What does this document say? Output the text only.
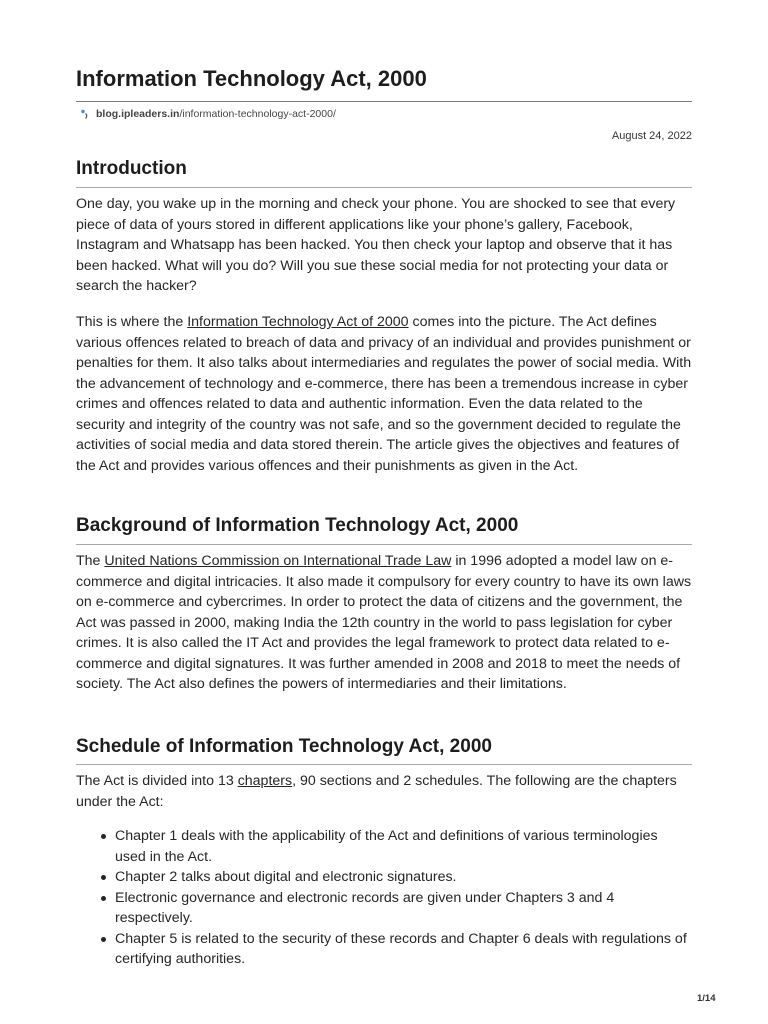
Information Technology Act, 2000
blog.ipleaders.in /information-technology-act-2000/
August 24, 2022
Introduction

One day, you wake up in the morning and check your phone. You are shocked to see that every piece of data of yours stored in different applications like your phone’s gallery, Facebook, Instagram and Whatsapp has been hacked. You then check your laptop and observe that it has been hacked. What will you do? Will you sue these social media for not protecting your data or search the hacker?

This is where the Information Technology Act of 2000 comes into the picture. The Act defines various offences related to breach of data and privacy of an individual and provides punishment or penalties for them. It also talks about intermediaries and regulates the power of social media. With the advancement of technology and e-commerce, there has been a tremendous increase in cyber crimes and offences related to data and authentic information. Even the data related to the security and integrity of the country was not safe, and so the government decided to regulate the activities of social media and data stored therein. The article gives the objectives and features of the Act and provides various offences and their punishments as given in the Act.

Background of Information Technology Act, 2000

The United Nations Commission on International Trade Law in 1996 adopted a model law on e-commerce and digital intricacies. It also made it compulsory for every country to have its own laws on e-commerce and cybercrimes. In order to protect the data of citizens and the government, the Act was passed in 2000, making India the 12th country in the world to pass legislation for cyber crimes. It is also called the IT Act and provides the legal framework to protect data related to e-commerce and digital signatures. It was further amended in 2008 and 2018 to meet the needs of society. The Act also defines the powers of intermediaries and their limitations.

Schedule of Information Technology Act, 2000

The Act is divided into 13 chapters, 90 sections and 2 schedules. The following are the chapters under the Act:

Chapter 1 deals with the applicability of the Act and definitions of various terminologies used in the Act.
Chapter 2 talks about digital and electronic signatures.
Electronic governance and electronic records are given under Chapters 3 and 4 respectively.
Chapter 5 is related to the security of these records and Chapter 6 deals with regulations of certifying authorities.
1/14
